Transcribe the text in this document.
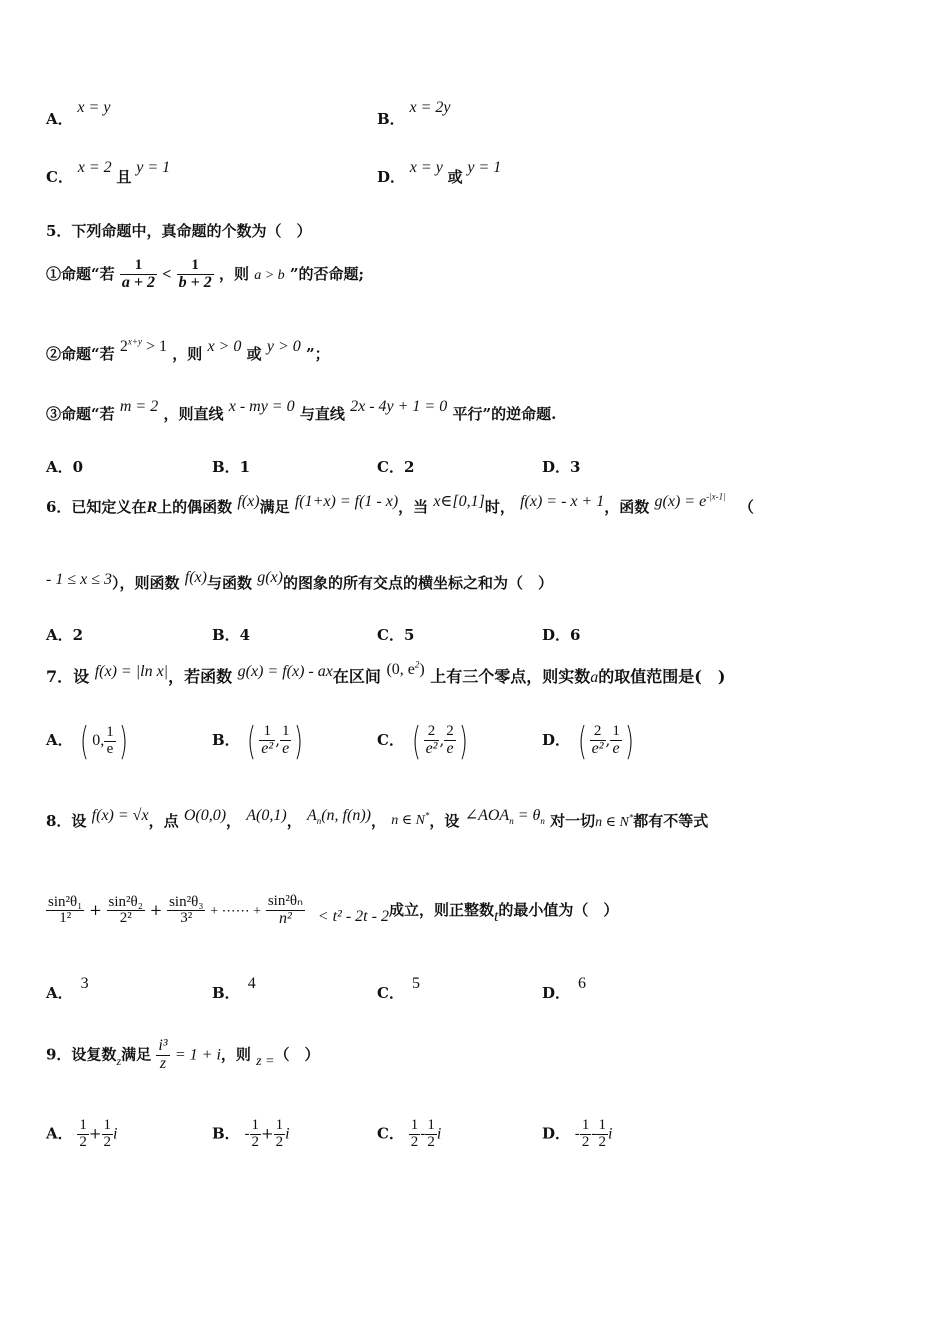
A． x = y
B． x = 2y
C． x = 2 且 y = 1
D． x = y 或 y = 1
5．下列命题中，真命题的个数为（　）
①命题“若 $\frac{1}{a + 2} < \frac{1}{b + 2}$ ，则 a > b ”的否命题;
②命题“若 $2^{x+y} > 1$ ，则 x > 0 或 y > 0 ”；
③命题“若 m = 2 ，则直线 x - my = 0 与直线 2x - 4y + 1 = 0 平行”的逆命题.
A．0	B．1	C．2	D．3
6．已知定义在R上的偶函数 f(x)满足 f(1+x) = f(1 - x)，当 x∈[0,1]时， f(x) = - x + 1，函数 $g(x) = e^{-|x-1|}$ （
- 1 ≤ x ≤ 3），则函数 f(x)与函数 g(x)的图象的所有交点的横坐标之和为（　）
A．2	B．4	C．5	D．6
7．设 f(x) = |ln x|，若函数 g(x) = f(x) - ax在区间 (0, $e^2$) 上有三个零点，则实数a的取值范围是(　)
A． ( 0, $\frac{1}{e}$ )	B． ( $\frac{1}{\text{e²}}$ , $\frac{1}{e}$ )	C． ( $\frac{2}{\text{e²}}$ , $\frac{2}{e}$ )	D． ( $\frac{2}{\text{e²}}$ , $\frac{1}{e}$ )
8．设 f(x) = √x，点 O(0,0)， A(0,1)， $A_n(n$, f(n))， n ∈ N*，设 $\angle AOA_n = \theta_n$ 对一切n ∈ N*都有不等式
$\frac{\text{sin²θ₁}}{\text{1²}} + \frac{\text{sin²θ₂}}{\text{2²}} + \frac{\text{sin²θ₃}}{\text{3²}}$ + ⋯⋯ + $\frac{\text{sin²θₙ}}{\text{n²}} < t^2 - 2t - 2$成立，则正整数t的最小值为（　）
A．3
B．4
C．5
D．6
9．设复数$_z$满足 $\frac{\text{i³}}{z} = 1 + i$，则 z =（　）
A． $\frac{1}{2} + \frac{1}{2}$ i	B． - $\frac{1}{2} + \frac{1}{2}$ i	C． $\frac{1}{2} - \frac{1}{2}$ i	D． - $\frac{1}{2} - \frac{1}{2}$ i
